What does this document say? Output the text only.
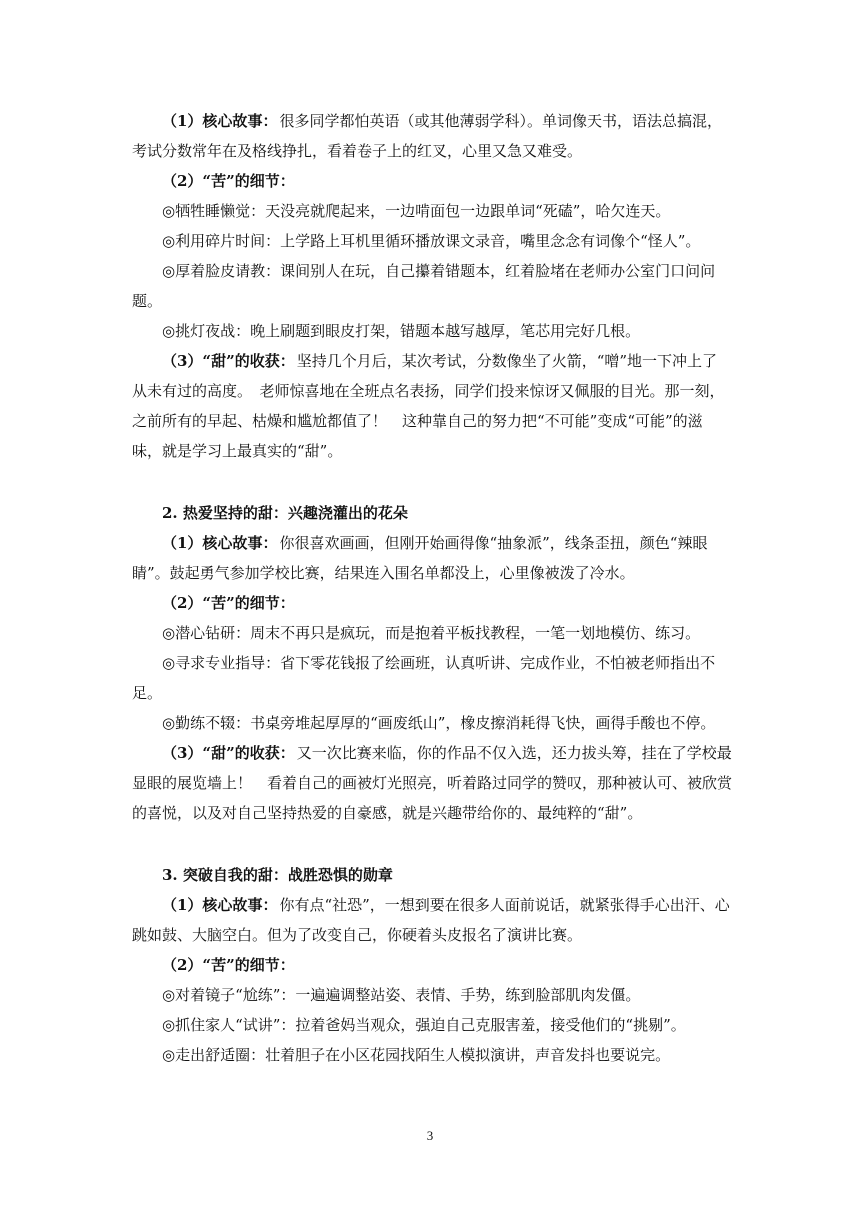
（1）核心故事： 很多同学都怕英语（或其他薄弱学科）。单词像天书，语法总搞混，考试分数常年在及格线挣扎，看着卷子上的红叉，心里又急又难受。

（2）“苦”的细节：

◎牺牲睡懒觉：天没亮就爬起来，一边啃面包一边跟单词“死磕”，哈欠连天。

◎利用碎片时间：上学路上耳机里循环播放课文录音，嘴里念念有词像个“怪人”。

◎厚着脸皮请教：课间别人在玩，自己攥着错题本，红着脸堵在老师办公室门口问问题。

◎挑灯夜战：晚上刷题到眼皮打架，错题本越写越厚，笔芯用完好几根。

（3）“甜”的收获： 坚持几个月后，某次考试，分数像坐了火箭，“噌”地一下冲上了从未有过的高度。　老师惊喜地在全班点名表扬，同学们投来惊讶又佩服的目光。那一刻，之前所有的早起、枯燥和尴尬都值了！　这种靠自己的努力把“不可能”变成“可能”的滋味，就是学习上最真实的“甜”。

2. 热爱坚持的甜：兴趣浇灌出的花朵

（1）核心故事： 你很喜欢画画，但刚开始画得像“抽象派”，线条歪扭，颜色“辣眼睛”。鼓起勇气参加学校比赛，结果连入围名单都没上，心里像被泼了冷水。

（2）“苦”的细节：

◎潜心钻研：周末不再只是疯玩，而是抱着平板找教程，一笔一划地模仿、练习。

◎寻求专业指导：省下零花钱报了绘画班，认真听讲、完成作业，不怕被老师指出不足。

◎勤练不辍：书桌旁堆起厚厚的“画废纸山”，橡皮擦消耗得飞快，画得手酸也不停。

（3）“甜”的收获： 又一次比赛来临，你的作品不仅入选，还力拔头筹，挂在了学校最显眼的展览墙上！　看着自己的画被灯光照亮，听着路过同学的赞叹，那种被认可、被欣赏的喜悦，以及对自己坚持热爱的自豪感，就是兴趣带给你的、最纯粹的“甜”。

3. 突破自我的甜：战胜恐惧的勋章

（1）核心故事： 你有点“社恐”，一想到要在很多人面前说话，就紧张得手心出汗、心跳如鼓、大脑空白。但为了改变自己，你硬着头皮报名了演讲比赛。

（2）“苦”的细节：

◎对着镜子“尬练”：一遍遍调整站姿、表情、手势，练到脸部肌肉发僵。

◎抓住家人“试讲”：拉着爸妈当观众，强迫自己克服害羞，接受他们的“挑剔”。

◎走出舒适圈：壮着胆子在小区花园找陌生人模拟演讲，声音发抖也要说完。

3
